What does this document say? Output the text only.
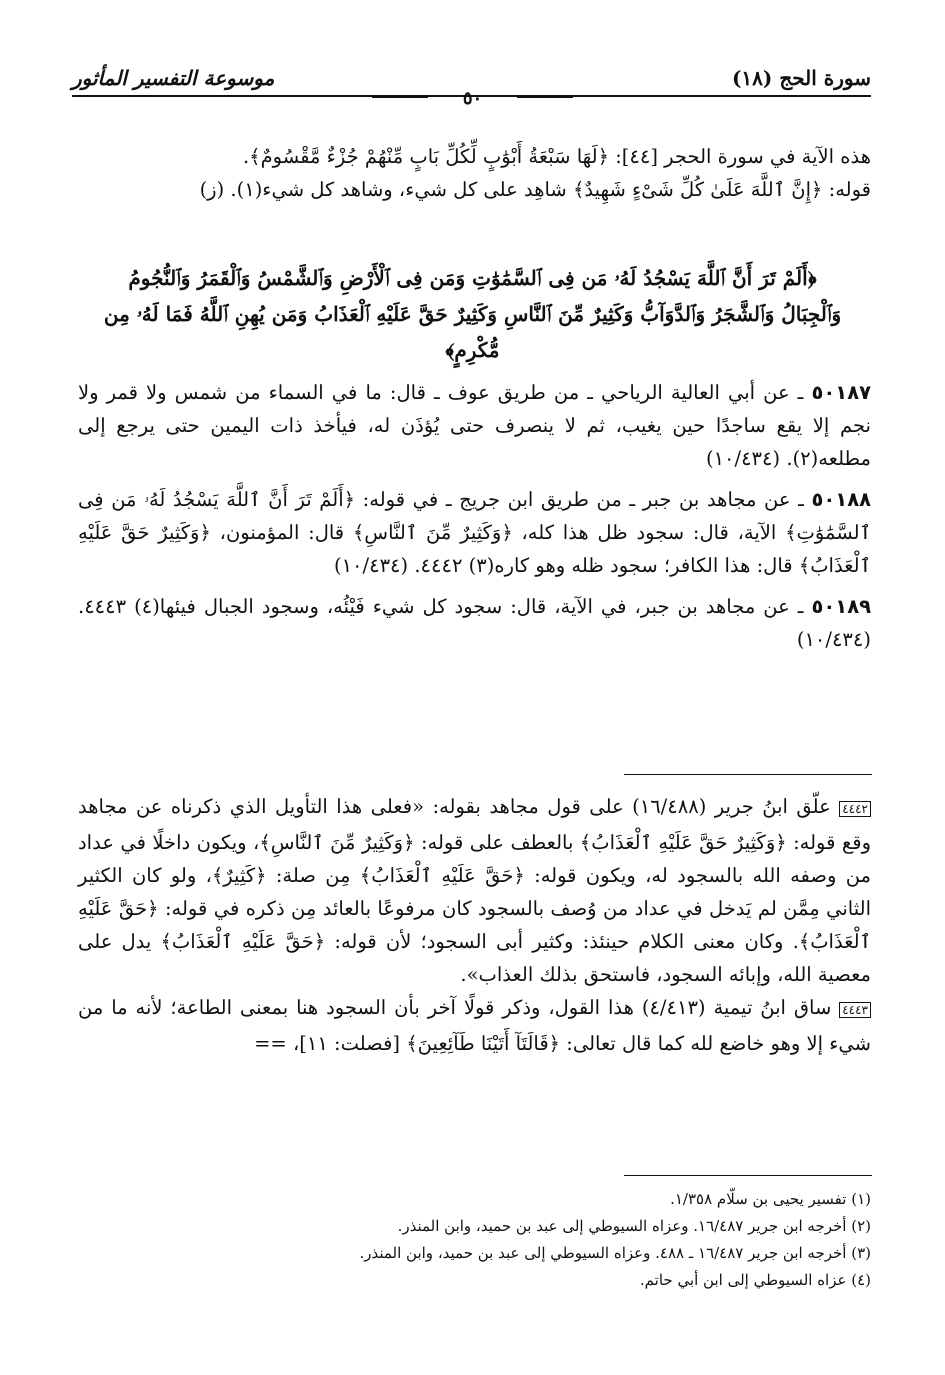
سورة الحج (١٨)
موسوعة التفسير المأثور
٥٠

هذه الآية في سورة الحجر [٤٤]: ﴿لَهَا سَبْعَةُ أَبْوَٰبٍ لِّكُلِّ بَابٍ مِّنْهُمْ جُزْءٌ مَّقْسُومٌ﴾.

قوله: ﴿إِنَّ ٱللَّهَ عَلَىٰ كُلِّ شَىْءٍ شَهِيدٌ﴾ شاهِد على كل شيء، وشاهد كل شيء(١). (ز)

﴿أَلَمْ تَرَ أَنَّ ٱللَّهَ يَسْجُدُ لَهُۥ مَن فِى ٱلسَّمَٰوَٰتِ وَمَن فِى ٱلْأَرْضِ وَٱلشَّمْسُ وَٱلْقَمَرُ وَٱلنُّجُومُ وَٱلْجِبَالُ وَٱلشَّجَرُ وَٱلدَّوَآبُّ وَكَثِيرٌ مِّنَ ٱلنَّاسِ وَكَثِيرٌ حَقَّ عَلَيْهِ ٱلْعَذَابُ وَمَن يُهِنِ ٱللَّهُ فَمَا لَهُۥ مِن مُّكْرِمٍ﴾

٥٠١٨٧ ـ عن أبي العالية الرياحي ـ من طريق عوف ـ قال: ما في السماء من شمس ولا قمر ولا نجم إلا يقع ساجدًا حين يغيب، ثم لا ينصرف حتى يُؤذَن له، فيأخذ ذات اليمين حتى يرجع إلى مطلعه(٢). (١٠/٤٣٤)

٥٠١٨٨ ـ عن مجاهد بن جبر ـ من طريق ابن جريج ـ في قوله: ﴿أَلَمْ تَرَ أَنَّ ٱللَّهَ يَسْجُدُ لَهُۥ مَن فِى ٱلسَّمَٰوَٰتِ﴾ الآية، قال: سجود ظل هذا كله، ﴿وَكَثِيرٌ مِّنَ ٱلنَّاسِ﴾ قال: المؤمنون، ﴿وَكَثِيرٌ حَقَّ عَلَيْهِ ٱلْعَذَابُ﴾ قال: هذا الكافر؛ سجود ظله وهو كاره(٣) ٤٤٤٢. (١٠/٤٣٤)

٥٠١٨٩ ـ عن مجاهد بن جبر، في الآية، قال: سجود كل شيء فَيْئُه، وسجود الجبال فيئها(٤) ٤٤٤٣. (١٠/٤٣٤)

٤٤٤٢ علّق ابنُ جرير (١٦/٤٨٨) على قول مجاهد بقوله: «فعلى هذا التأويل الذي ذكرناه عن مجاهد وقع قوله: ﴿وَكَثِيرٌ حَقَّ عَلَيْهِ ٱلْعَذَابُ﴾ بالعطف على قوله: ﴿وَكَثِيرٌ مِّنَ ٱلنَّاسِ﴾، ويكون داخلًا في عداد من وصفه الله بالسجود له، ويكون قوله: ﴿حَقَّ عَلَيْهِ ٱلْعَذَابُ﴾ مِن صلة: ﴿كَثِيرٌ﴾، ولو كان الكثير الثاني مِمَّن لم يَدخل في عداد من وُصف بالسجود كان مرفوعًا بالعائد مِن ذكره في قوله: ﴿حَقَّ عَلَيْهِ ٱلْعَذَابُ﴾. وكان معنى الكلام حينئذ: وكثير أبى السجود؛ لأن قوله: ﴿حَقَّ عَلَيْهِ ٱلْعَذَابُ﴾ يدل على معصية الله، وإبائه السجود، فاستحق بذلك العذاب».

٤٤٤٣ ساق ابنُ تيمية (٤/٤١٣) هذا القول، وذكر قولًا آخر بأن السجود هنا بمعنى الطاعة؛ لأنه ما من شيء إلا وهو خاضع لله كما قال تعالى: ﴿قَالَتَآ أَتَيْنَا طَآئِعِينَ﴾ [فصلت: ١١]، ==

(١) تفسير يحيى بن سلّام ١/٣٥٨.
(٢) أخرجه ابن جرير ١٦/٤٨٧. وعزاه السيوطي إلى عبد بن حميد، وابن المنذر.
(٣) أخرجه ابن جرير ١٦/٤٨٧ ـ ٤٨٨. وعزاه السيوطي إلى عبد بن حميد، وابن المنذر.
(٤) عزاه السيوطي إلى ابن أبي حاتم.
